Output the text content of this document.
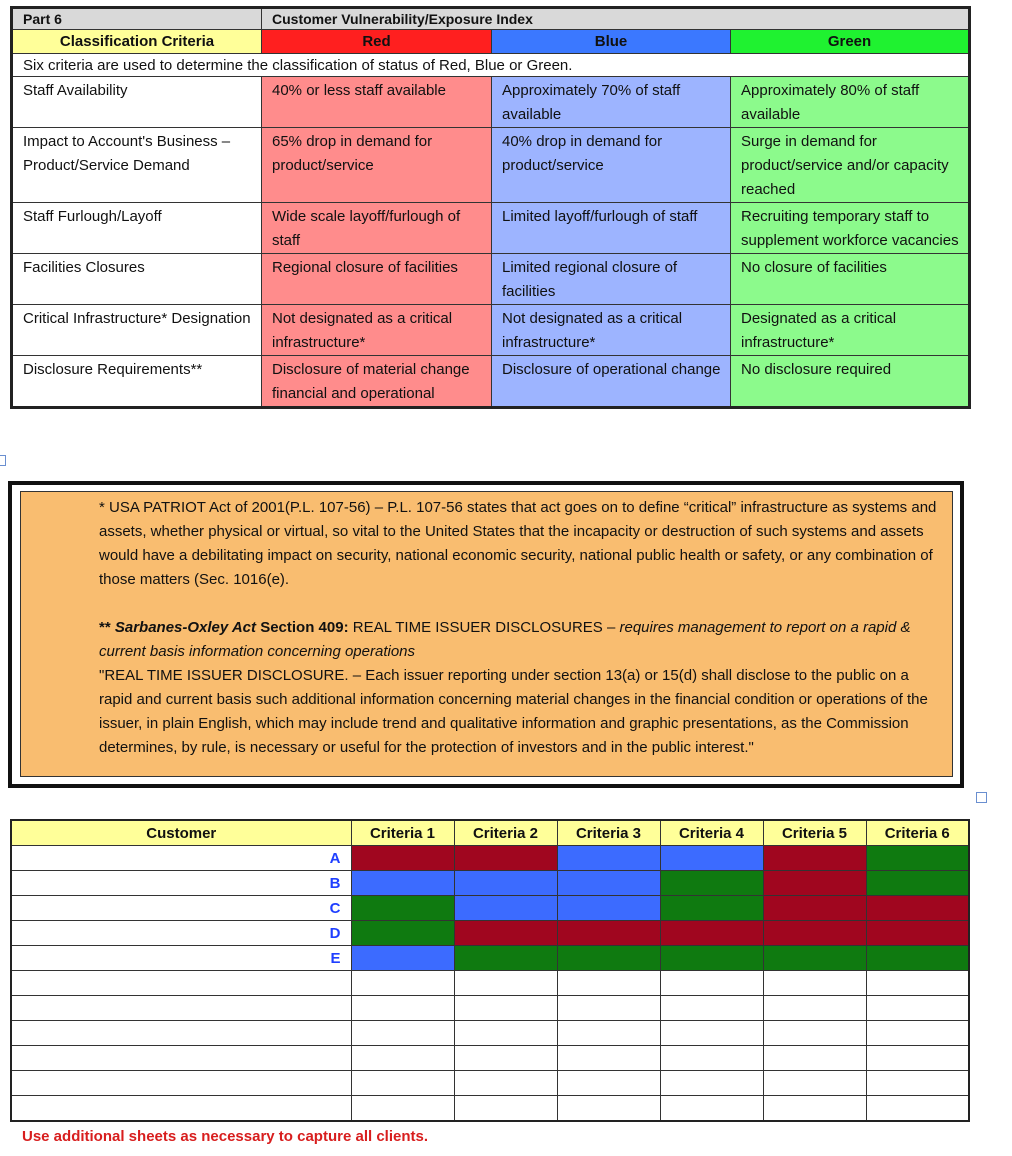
Part 6	Customer Vulnerability/Exposure Index		
Classification Criteria	Red	Blue	Green
Six criteria are used to determine the classification of status of Red, Blue or Green.			
Staff Availability	40% or less staff available	Approximately 70% of staff available	Approximately 80% of staff available
Impact to Account's Business – Product/Service Demand	65% drop in demand for product/service	40% drop in demand for product/service	Surge in demand for product/service and/or capacity reached
Staff Furlough/Layoff	Wide scale layoff/furlough of staff	Limited layoff/furlough of staff	Recruiting temporary staff to supplement workforce vacancies
Facilities Closures	Regional closure of facilities	Limited regional closure of facilities	No closure of facilities
Critical Infrastructure* Designation	Not designated as a critical infrastructure*	Not designated as a critical infrastructure*	Designated as a critical infrastructure*
Disclosure Requirements**	Disclosure of material change financial and operational	Disclosure of operational change	No disclosure required

* USA PATRIOT Act of 2001(P.L. 107-56) – P.L. 107-56 states that act goes on to define “critical” infrastructure as systems and assets, whether physical or virtual, so vital to the United States that the incapacity or destruction of such systems and assets would have a debilitating impact on security, national economic security, national public health or safety, or any combination of those matters (Sec. 1016(e).

** Sarbanes-Oxley Act Section 409: REAL TIME ISSUER DISCLOSURES – requires management to report on a rapid & current basis information concerning operations

"REAL TIME ISSUER DISCLOSURE. – Each issuer reporting under section 13(a) or 15(d) shall disclose to the public on a rapid and current basis such additional information concerning material changes in the financial condition or operations of the issuer, in plain English, which may include trend and qualitative information and graphic presentations, as the Commission determines, by rule, is necessary or useful for the protection of investors and in the public interest."

Customer	Criteria 1	Criteria 2	Criteria 3	Criteria 4	Criteria 5	Criteria 6
A						
B						
C						
D						
E						

Use additional sheets as necessary to capture all clients.
